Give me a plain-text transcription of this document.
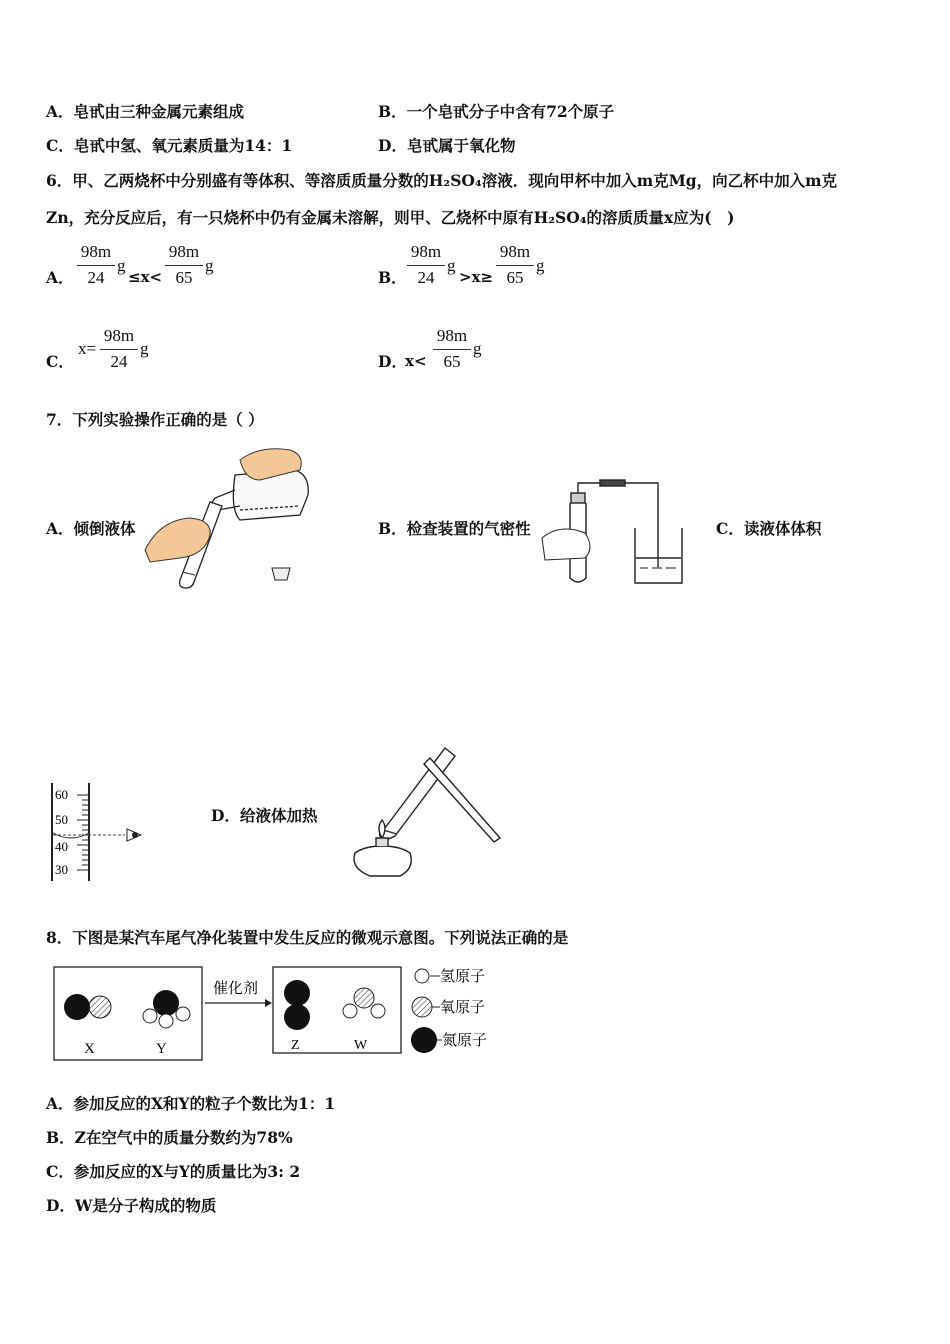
A．皂甙由三种金属元素组成	B．一个皂甙分子中含有72个原子
C．皂甙中氢、氧元素质量为14：1	D．皂甙属于氧化物
6．甲、乙两烧杯中分别盛有等体积、等溶质质量分数的H₂SO₄溶液．现向甲杯中加入m克Mg，向乙杯中加入m克
Zn，充分反应后，有一只烧杯中仍有金属未溶解，则甲、乙烧杯中原有H₂SO₄的溶质质量x应为(　)
A．
98m
24
g
≤x<
98m
65
g
B．
98m
24
g
>x≥
98m
65
g
C．
x=
98m
24
g
D．
x<
98m
65
g
7．下列实验操作正确的是（ ）
A．倾倒液体	B．检查装置的气密性	C．读液体体积
D．给液体加热
60
50
40
30
8．下图是某汽车尾气净化装置中发生反应的微观示意图。下列说法正确的是
X	Y
催化剂
Z	W
氢原子
氧原子
氮原子
A．参加反应的X和Y的粒子个数比为1：1
B．Z在空气中的质量分数约为78%
C．参加反应的X与Y的质量比为3: 2
D．W是分子构成的物质
